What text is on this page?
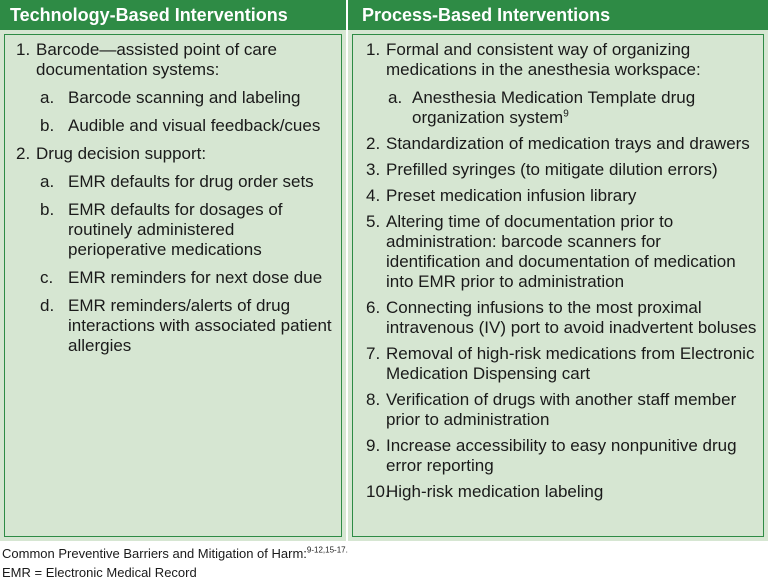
Technology-Based Interventions	Process-Based Interventions
1. Barcode—assisted point of care documentation systems:
a. Barcode scanning and labeling
b. Audible and visual feedback/cues
2. Drug decision support:
a. EMR defaults for drug order sets
b. EMR defaults for dosages of routinely administered perioperative medications
c. EMR reminders for next dose due
d. EMR reminders/alerts of drug interactions with associated patient allergies
1. Formal and consistent way of organizing medications in the anesthesia workspace:
a. Anesthesia Medication Template drug organization system$^9$
2. Standardization of medication trays and drawers
3. Prefilled syringes (to mitigate dilution errors)
4. Preset medication infusion library
5. Altering time of documentation prior to administration: barcode scanners for identification and documentation of medication into EMR prior to administration
6. Connecting infusions to the most proximal intravenous (IV) port to avoid inadvertent boluses
7. Removal of high-risk medications from Electronic Medication Dispensing cart
8. Verification of drugs with another staff member prior to administration
9. Increase accessibility to easy nonpunitive drug error reporting
10.
High-risk medication labeling
Common Preventive Barriers and Mitigation of Harm:$^{9-12,15-17.}$
EMR = Electronic Medical Record
